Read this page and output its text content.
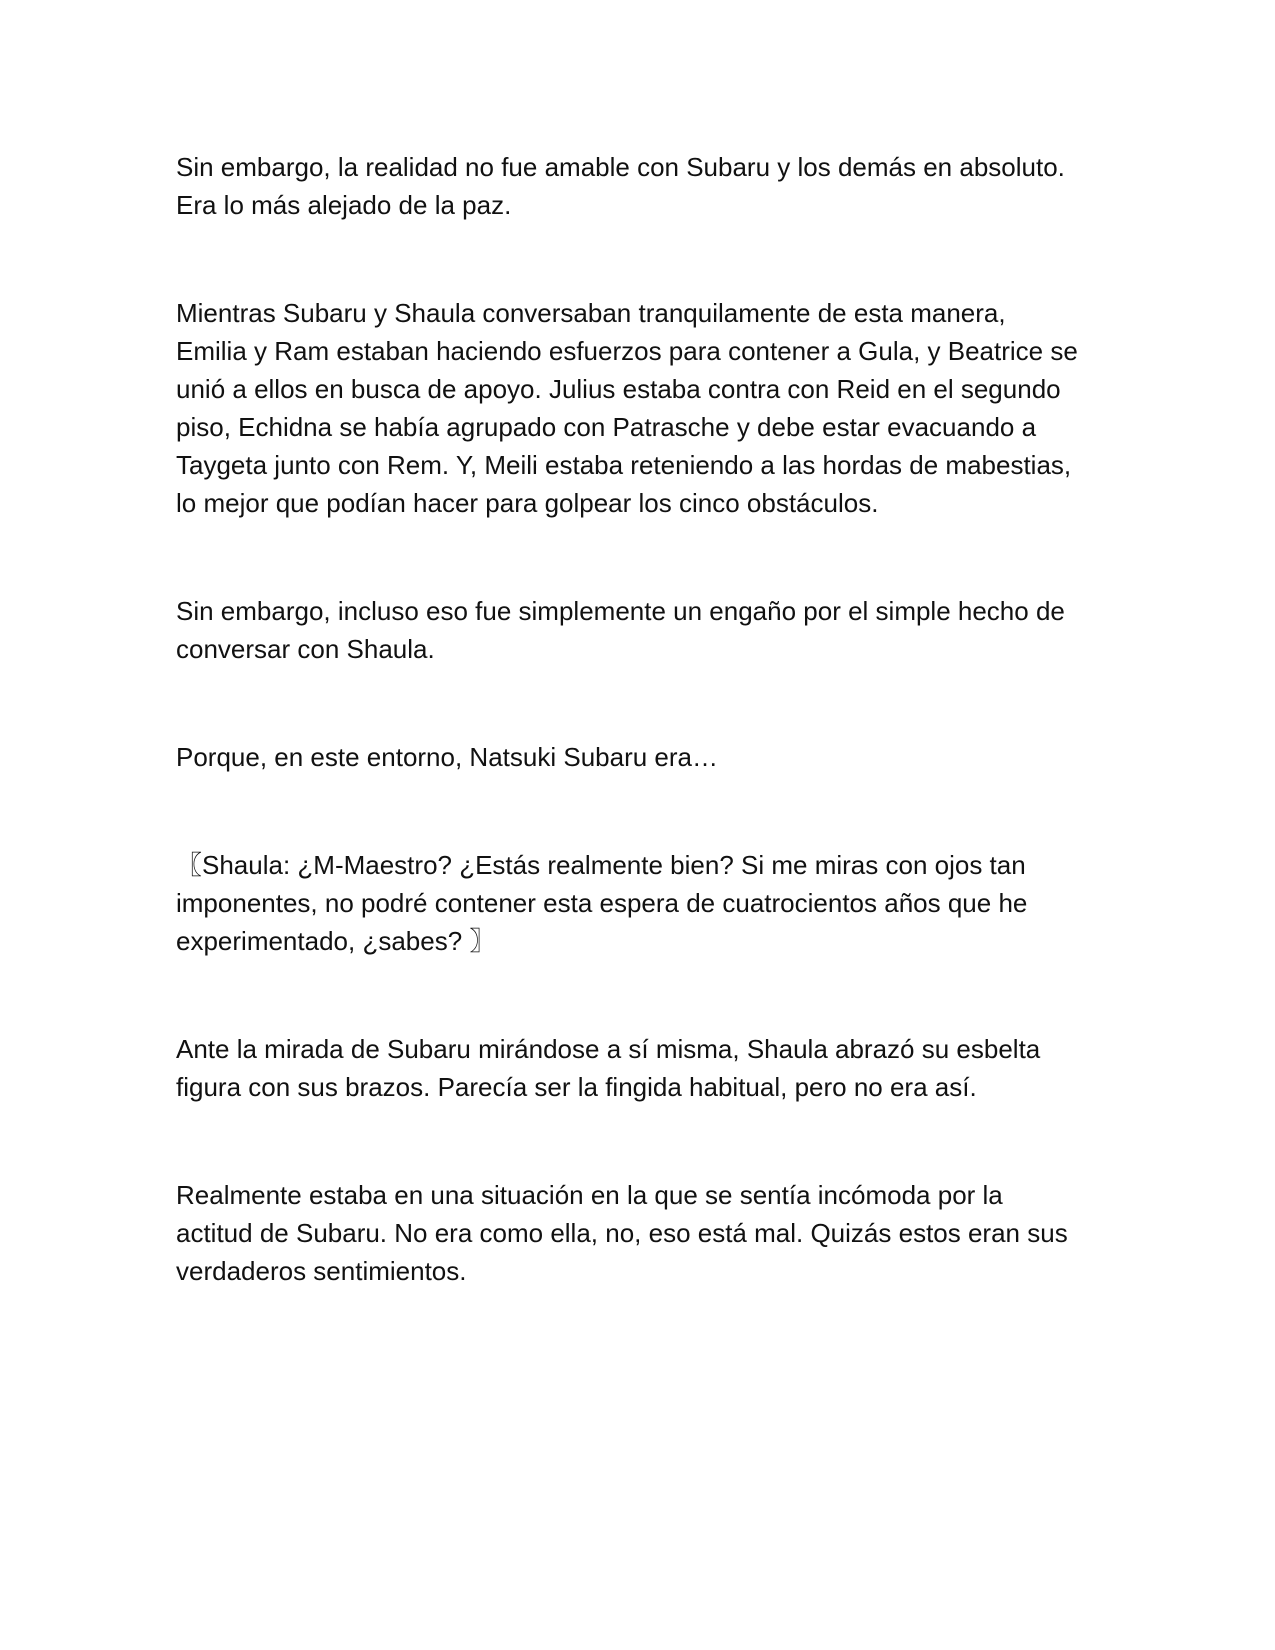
Sin embargo, la realidad no fue amable con Subaru y los demás en absoluto.
Era lo más alejado de la paz.

Mientras Subaru y Shaula conversaban tranquilamente de esta manera,
Emilia y Ram estaban haciendo esfuerzos para contener a Gula, y Beatrice se
unió a ellos en busca de apoyo. Julius estaba contra con Reid en el segundo
piso, Echidna se había agrupado con Patrasche y debe estar evacuando a
Taygeta junto con Rem. Y, Meili estaba reteniendo a las hordas de mabestias,
lo mejor que podían hacer para golpear los cinco obstáculos.

Sin embargo, incluso eso fue simplemente un engaño por el simple hecho de
conversar con Shaula.

Porque, en este entorno, Natsuki Subaru era…

〖Shaula: ¿M-Maestro? ¿Estás realmente bien? Si me miras con ojos tan
imponentes, no podré contener esta espera de cuatrocientos años que he
experimentado, ¿sabes? 〗

Ante la mirada de Subaru mirándose a sí misma, Shaula abrazó su esbelta
figura con sus brazos. Parecía ser la fingida habitual, pero no era así.

Realmente estaba en una situación en la que se sentía incómoda por la
actitud de Subaru. No era como ella, no, eso está mal. Quizás estos eran sus
verdaderos sentimientos.
